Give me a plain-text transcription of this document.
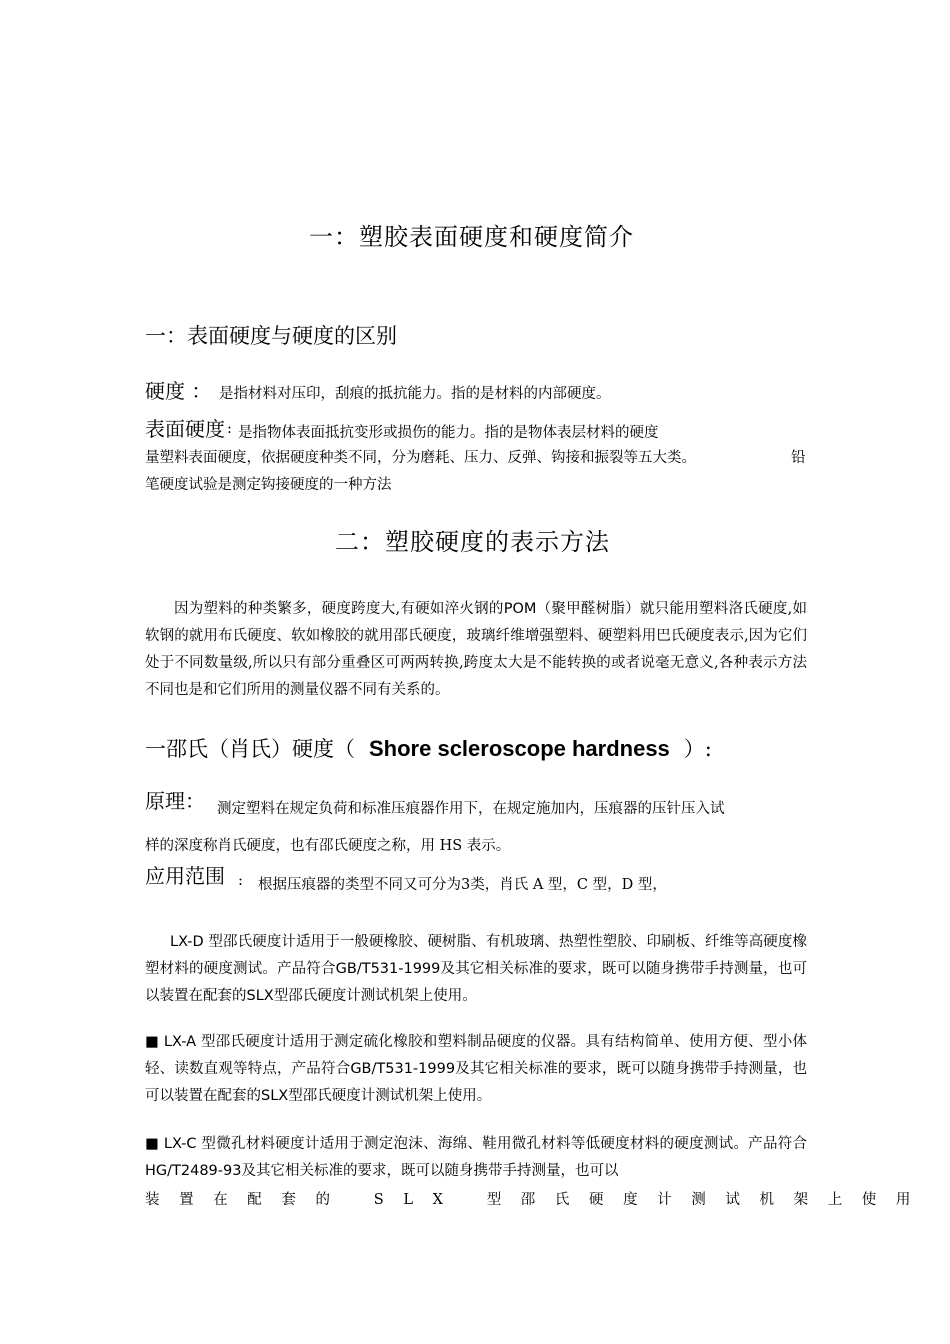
一：塑胶表面硬度和硬度简介
一：表面硬度与硬度的区别
硬度 ： 是指材料对压印，刮痕的抵抗能力。指的是材料的内部硬度。
表面硬度 : 是指物体表面抵抗变形或损伤的能力。指的是物体表层材料的硬度
量塑料表面硬度，依据硬度种类不同，分为磨耗、压力、反弹、钩接和振裂等五大类。	铅
笔硬度试验是测定钩接硬度的一种方法
二：塑胶硬度的表示方法
因为塑料的种类繁多，硬度跨度大,有硬如淬火钢的POM（聚甲醛树脂）就只能用塑料洛氏硬度,如软钢的就用布氏硬度、软如橡胶的就用邵氏硬度，玻璃纤维增强塑料、硬塑料用巴氏硬度表示,因为它们处于不同数量级,所以只有部分重叠区可两两转换,跨度太大是不能转换的或者说毫无意义,各种表示方法不同也是和它们所用的测量仪器不同有关系的。
一邵氏（肖氏）硬度（ Shore scleroscope hardness ）:
原理： 测定塑料在规定负荷和标准压痕器作用下，在规定施加内，压痕器的压针压入试
样的深度称肖氏硬度，也有邵氏硬度之称，用 HS 表示。
应用范围 : 根据压痕器的类型不同又可分为3类，肖氏 A 型，C 型，D 型，
LX-D 型邵氏硬度计适用于一般硬橡胶、硬树脂、有机玻璃、热塑性塑胶、印刷板、纤维等高硬度橡塑材料的硬度测试。产品符合GB/T531-1999及其它相关标准的要求，既可以随身携带手持测量，也可以装置在配套的SLX型邵氏硬度计测试机架上使用。
■ LX-A 型邵氏硬度计适用于测定硫化橡胶和塑料制品硬度的仪器。具有结构简单、使用方便、型小体轻、读数直观等特点，产品符合GB/T531-1999及其它相关标准的要求，既可以随身携带手持测量，也可以装置在配套的SLX型邵氏硬度计测试机架上使用。
■ LX-C 型微孔材料硬度计适用于测定泡沫、海绵、鞋用微孔材料等低硬度材料的硬度测试。产品符合HG/T2489-93及其它相关标准的要求，既可以随身携带手持测量，也可以
装置在配套的 SLX 型邵氏硬度计测试机架上使用
